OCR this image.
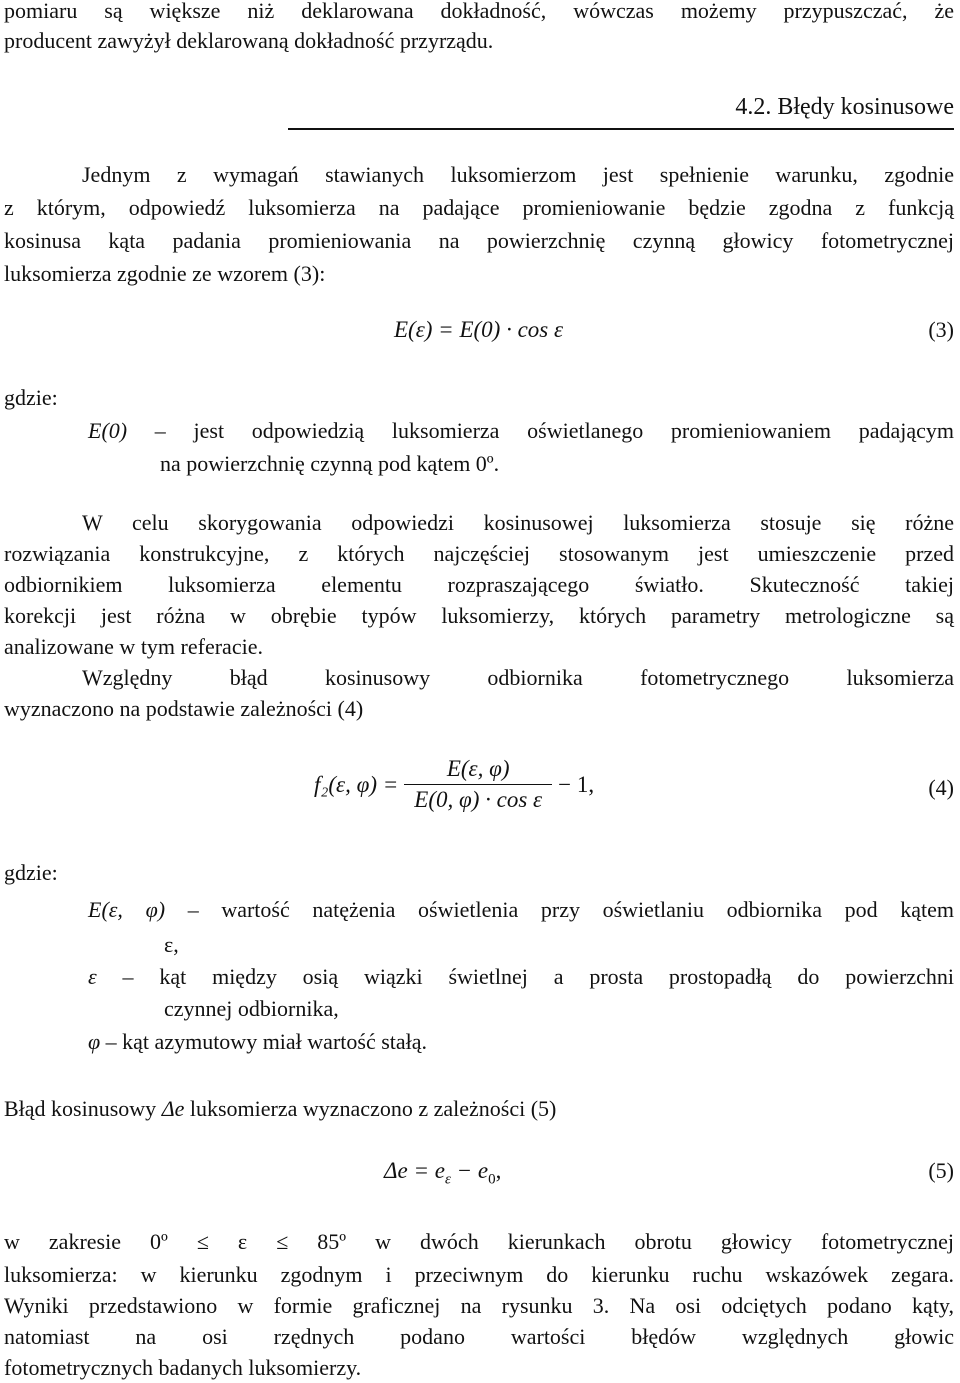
pomiaru są większe niż deklarowana dokładność, wówczas możemy przypuszczać, że
producent zawyżył deklarowaną dokładność przyrządu.
4.2. Błędy kosinusowe
Jednym z wymagań stawianych luksomierzom jest spełnienie warunku, zgodnie
z którym, odpowiedź luksomierza na padające promieniowanie będzie zgodna z funkcją
kosinusa kąta padania promieniowania na powierzchnię czynną głowicy fotometrycznej
luksomierza zgodnie ze wzorem (3):
E(ε) = E(0) · cos ε	(3)
gdzie:
E(0) – jest odpowiedzią luksomierza oświetlanego promieniowaniem padającym
na powierzchnię czynną pod kątem 0º.
W celu skorygowania odpowiedzi kosinusowej luksomierza stosuje się różne
rozwiązania konstrukcyjne, z których najczęściej stosowanym jest umieszczenie przed
odbiornikiem luksomierza elementu rozpraszającego światło. Skuteczność takiej
korekcji jest różna w obrębie typów luksomierzy, których parametry metrologiczne są
analizowane w tym referacie.
Względny błąd kosinusowy odbiornika fotometrycznego luksomierza
wyznaczono na podstawie zależności (4)
f₂(ε, $\varphi) = \frac{E(\varepsilon, \varphi)}{\text{E(0, φ) · cos ε}} - 1$,	(4)
gdzie:
E(ε, φ) – wartość natężenia oświetlenia przy oświetlaniu odbiornika pod kątem
ε,
ε – kąt między osią wiązki świetlnej a prosta prostopadłą do powierzchni
czynnej odbiornika,
φ – kąt azymutowy miał wartość stałą.
Błąd kosinusowy Δe luksomierza wyznaczono z zależności (5)
$\Delta e = e_\varepsilon - e_0$,	(5)
w zakresie 0º ≤ ε ≤ 85º w dwóch kierunkach obrotu głowicy fotometrycznej
luksomierza: w kierunku zgodnym i przeciwnym do kierunku ruchu wskazówek zegara.
Wyniki przedstawiono w formie graficznej na rysunku 3. Na osi odciętych podano kąty,
natomiast na osi rzędnych podano wartości błędów względnych głowic
fotometrycznych badanych luksomierzy.
